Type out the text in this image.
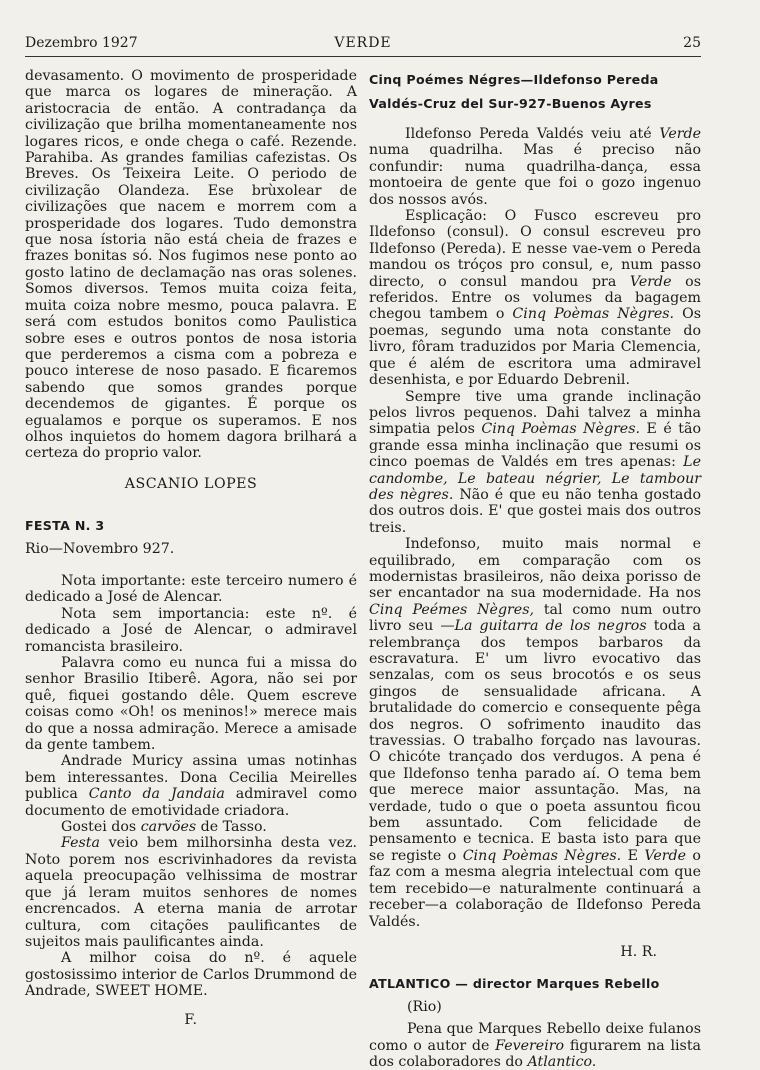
Dezembro 1927	VERDE	25

devasamento. O movimento de prosperidade que marca os logares de mineração. A aristocracia de então. A contradança da civilização que brilha momentaneamente nos logares ricos, e onde chega o café. Rezende. Parahiba. As grandes familias cafezistas. Os Breves. Os Teixeira Leite. O periodo de civilização Olandeza. Ese brùxolear de civilizações que nacem e morrem com a prosperidade dos logares. Tudo demonstra que nosa ístoria não está cheia de frazes e frazes bonitas só. Nos fugimos nese ponto ao gosto latino de declamação nas oras solenes. Somos diversos. Temos muita coiza feita, muita coiza nobre mesmo, pouca palavra. E será com estudos bonitos como Paulistica sobre eses e outros pontos de nosa istoria que perderemos a cisma com a pobreza e pouco interese de noso pasado. E ficaremos sabendo que somos grandes porque decendemos de gigantes. É porque os egualamos e porque os superamos. E nos olhos inquietos do homem dagora brilhará a certeza do proprio valor.

ASCANIO LOPES

FESTA N. 3

Rio—Novembro 927.

Nota importante: este terceiro numero é dedicado a José de Alencar.

Nota sem importancia: este nº. é dedicado a José de Alencar, o admiravel romancista brasileiro.

Palavra como eu nunca fui a missa do senhor Brasilio Itiberê. Agora, não sei por quê, fiquei gostando dêle. Quem escreve coisas como «Oh! os meninos!» merece mais do que a nossa admiração. Merece a amisade da gente tambem.

Andrade Muricy assina umas notinhas bem interessantes. Dona Cecilia Meirelles publica Canto da Jandaia admiravel como documento de emotividade criadora.

Gostei dos carvões de Tasso.

Festa veio bem milhorsinha desta vez. Noto porem nos escrivinhadores da revista aquela preocupação velhissima de mostrar que já leram muitos senhores de nomes encrencados. A eterna mania de arrotar cultura, com citações paulificantes de sujeitos mais paulificantes ainda.

A milhor coisa do nº. é aquele gostosissimo interior de Carlos Drummond de Andrade, SWEET HOME.

F.

Cinq Poémes Négres—Ildefonso Pereda Valdés-Cruz del Sur-927-Buenos Ayres

Ildefonso Pereda Valdés veiu até Verde numa quadrilha. Mas é preciso não confundir: numa quadrilha-dança, essa montoeira de gente que foi o gozo ingenuo dos nossos avós.

Esplicação: O Fusco escreveu pro Ildefonso (consul). O consul escreveu pro Ildefonso (Pereda). E nesse vae-vem o Pereda mandou os tróços pro consul, e, num passo directo, o consul mandou pra Verde os referidos. Entre os volumes da bagagem chegou tambem o Cinq Poèmas Nègres. Os poemas, segundo uma nota constante do livro, fôram traduzidos por Maria Clemencia, que é além de escritora uma admiravel desenhista, e por Eduardo Debrenil.

Sempre tive uma grande inclinação pelos livros pequenos. Dahi talvez a minha simpatia pelos Cinq Poèmas Nègres. E é tão grande essa minha inclinação que resumi os cinco poemas de Valdés em tres apenas: Le candombe, Le bateau négrier, Le tambour des nègres. Não é que eu não tenha gostado dos outros dois. E' que gostei mais dos outros treis.

Indefonso, muito mais normal e equilibrado, em comparação com os modernistas brasileiros, não deixa porisso de ser encantador na sua modernidade. Ha nos Cinq Peémes Nègres, tal como num outro livro seu —La guitarra de los negros toda a relembrança dos tempos barbaros da escravatura. E' um livro evocativo das senzalas, com os seus brocotós e os seus gingos de sensualidade africana. A brutalidade do comercio e consequente pêga dos negros. O sofrimento inaudito das travessias. O trabalho forçado nas lavouras. O chicóte trançado dos verdugos. A pena é que Ildefonso tenha parado aí. O tema bem que merece maior assuntação. Mas, na verdade, tudo o que o poeta assuntou ficou bem assuntado. Com felicidade de pensamento e tecnica. E basta isto para que se registe o Cinq Poèmas Nègres. E Verde o faz com a mesma alegria intelectual com que tem recebido—e naturalmente continuará a receber—a colaboração de Ildefonso Pereda Valdés.

H. R.

ATLANTICO — director Marques Rebello

(Rio)

Pena que Marques Rebello deixe fulanos como o autor de Fevereiro figurarem na lista dos colaboradores do Atlantico.
